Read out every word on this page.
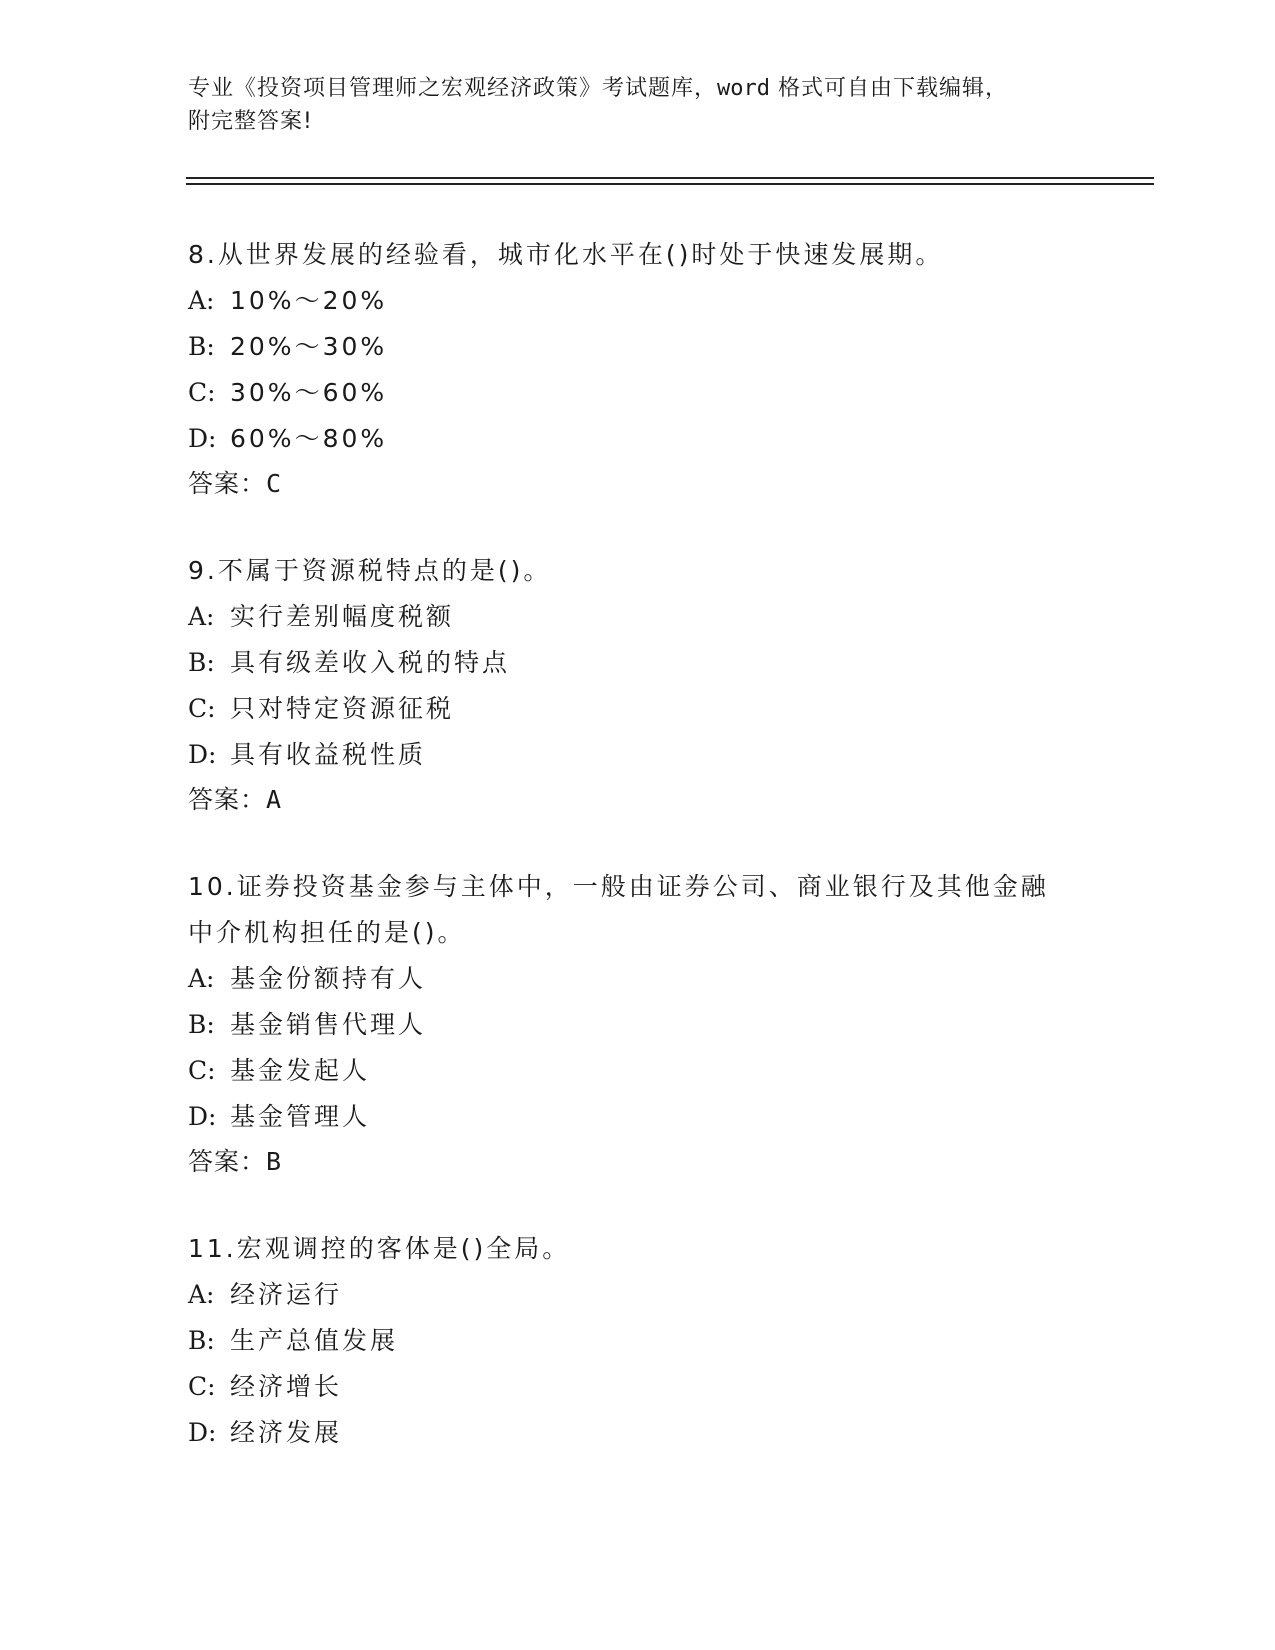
专业《投资项目管理师之宏观经济政策》考试题库，word 格式可自由下载编辑，
附完整答案!
8.从世界发展的经验看，城市化水平在()时处于快速发展期。
A: 10%～20%
B: 20%～30%
C: 30%～60%
D: 60%～80%
答案：C
9.不属于资源税特点的是()。
A: 实行差别幅度税额
B: 具有级差收入税的特点
C: 只对特定资源征税
D: 具有收益税性质
答案：A
10.证券投资基金参与主体中，一般由证券公司、商业银行及其他金融
中介机构担任的是()。
A: 基金份额持有人
B: 基金销售代理人
C: 基金发起人
D: 基金管理人
答案：B
11.宏观调控的客体是()全局。
A: 经济运行
B: 生产总值发展
C: 经济增长
D: 经济发展
